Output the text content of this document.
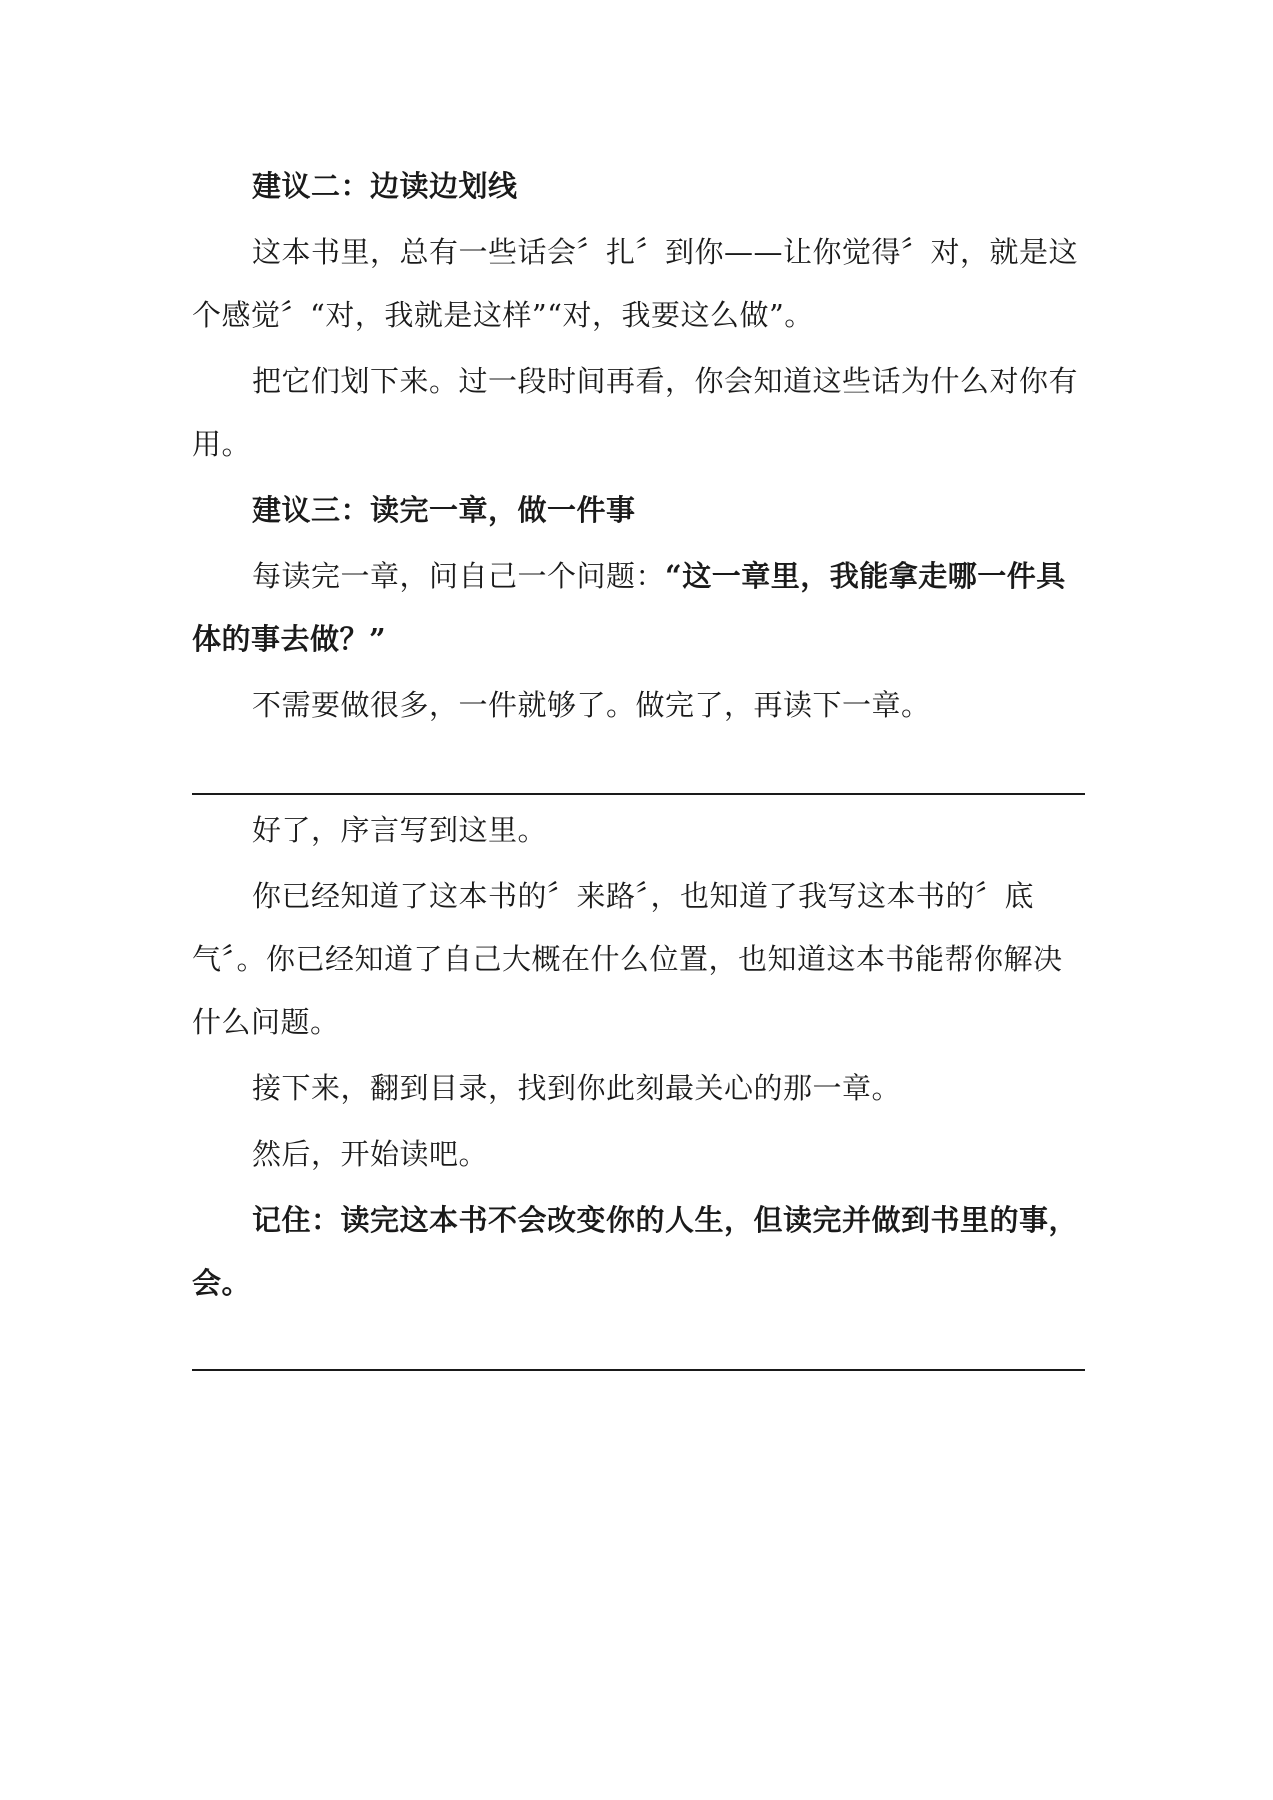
建议二：边读边划线

这本书里，总有一些话会〞扎〞到你——让你觉得〞对，就是这个感觉〞“对，我就是这样”“对，我要这么做”。

把它们划下来。过一段时间再看，你会知道这些话为什么对你有用。

建议三：读完一章，做一件事

每读完一章，问自己一个问题：“这一章里，我能拿走哪一件具体的事去做？”

不需要做很多，一件就够了。做完了，再读下一章。

好了，序言写到这里。

你已经知道了这本书的〞来路〞，也知道了我写这本书的〞底气〞。你已经知道了自己大概在什么位置，也知道这本书能帮你解决什么问题。

接下来，翻到目录，找到你此刻最关心的那一章。

然后，开始读吧。

记住：读完这本书不会改变你的人生，但读完并做到书里的事，会。
